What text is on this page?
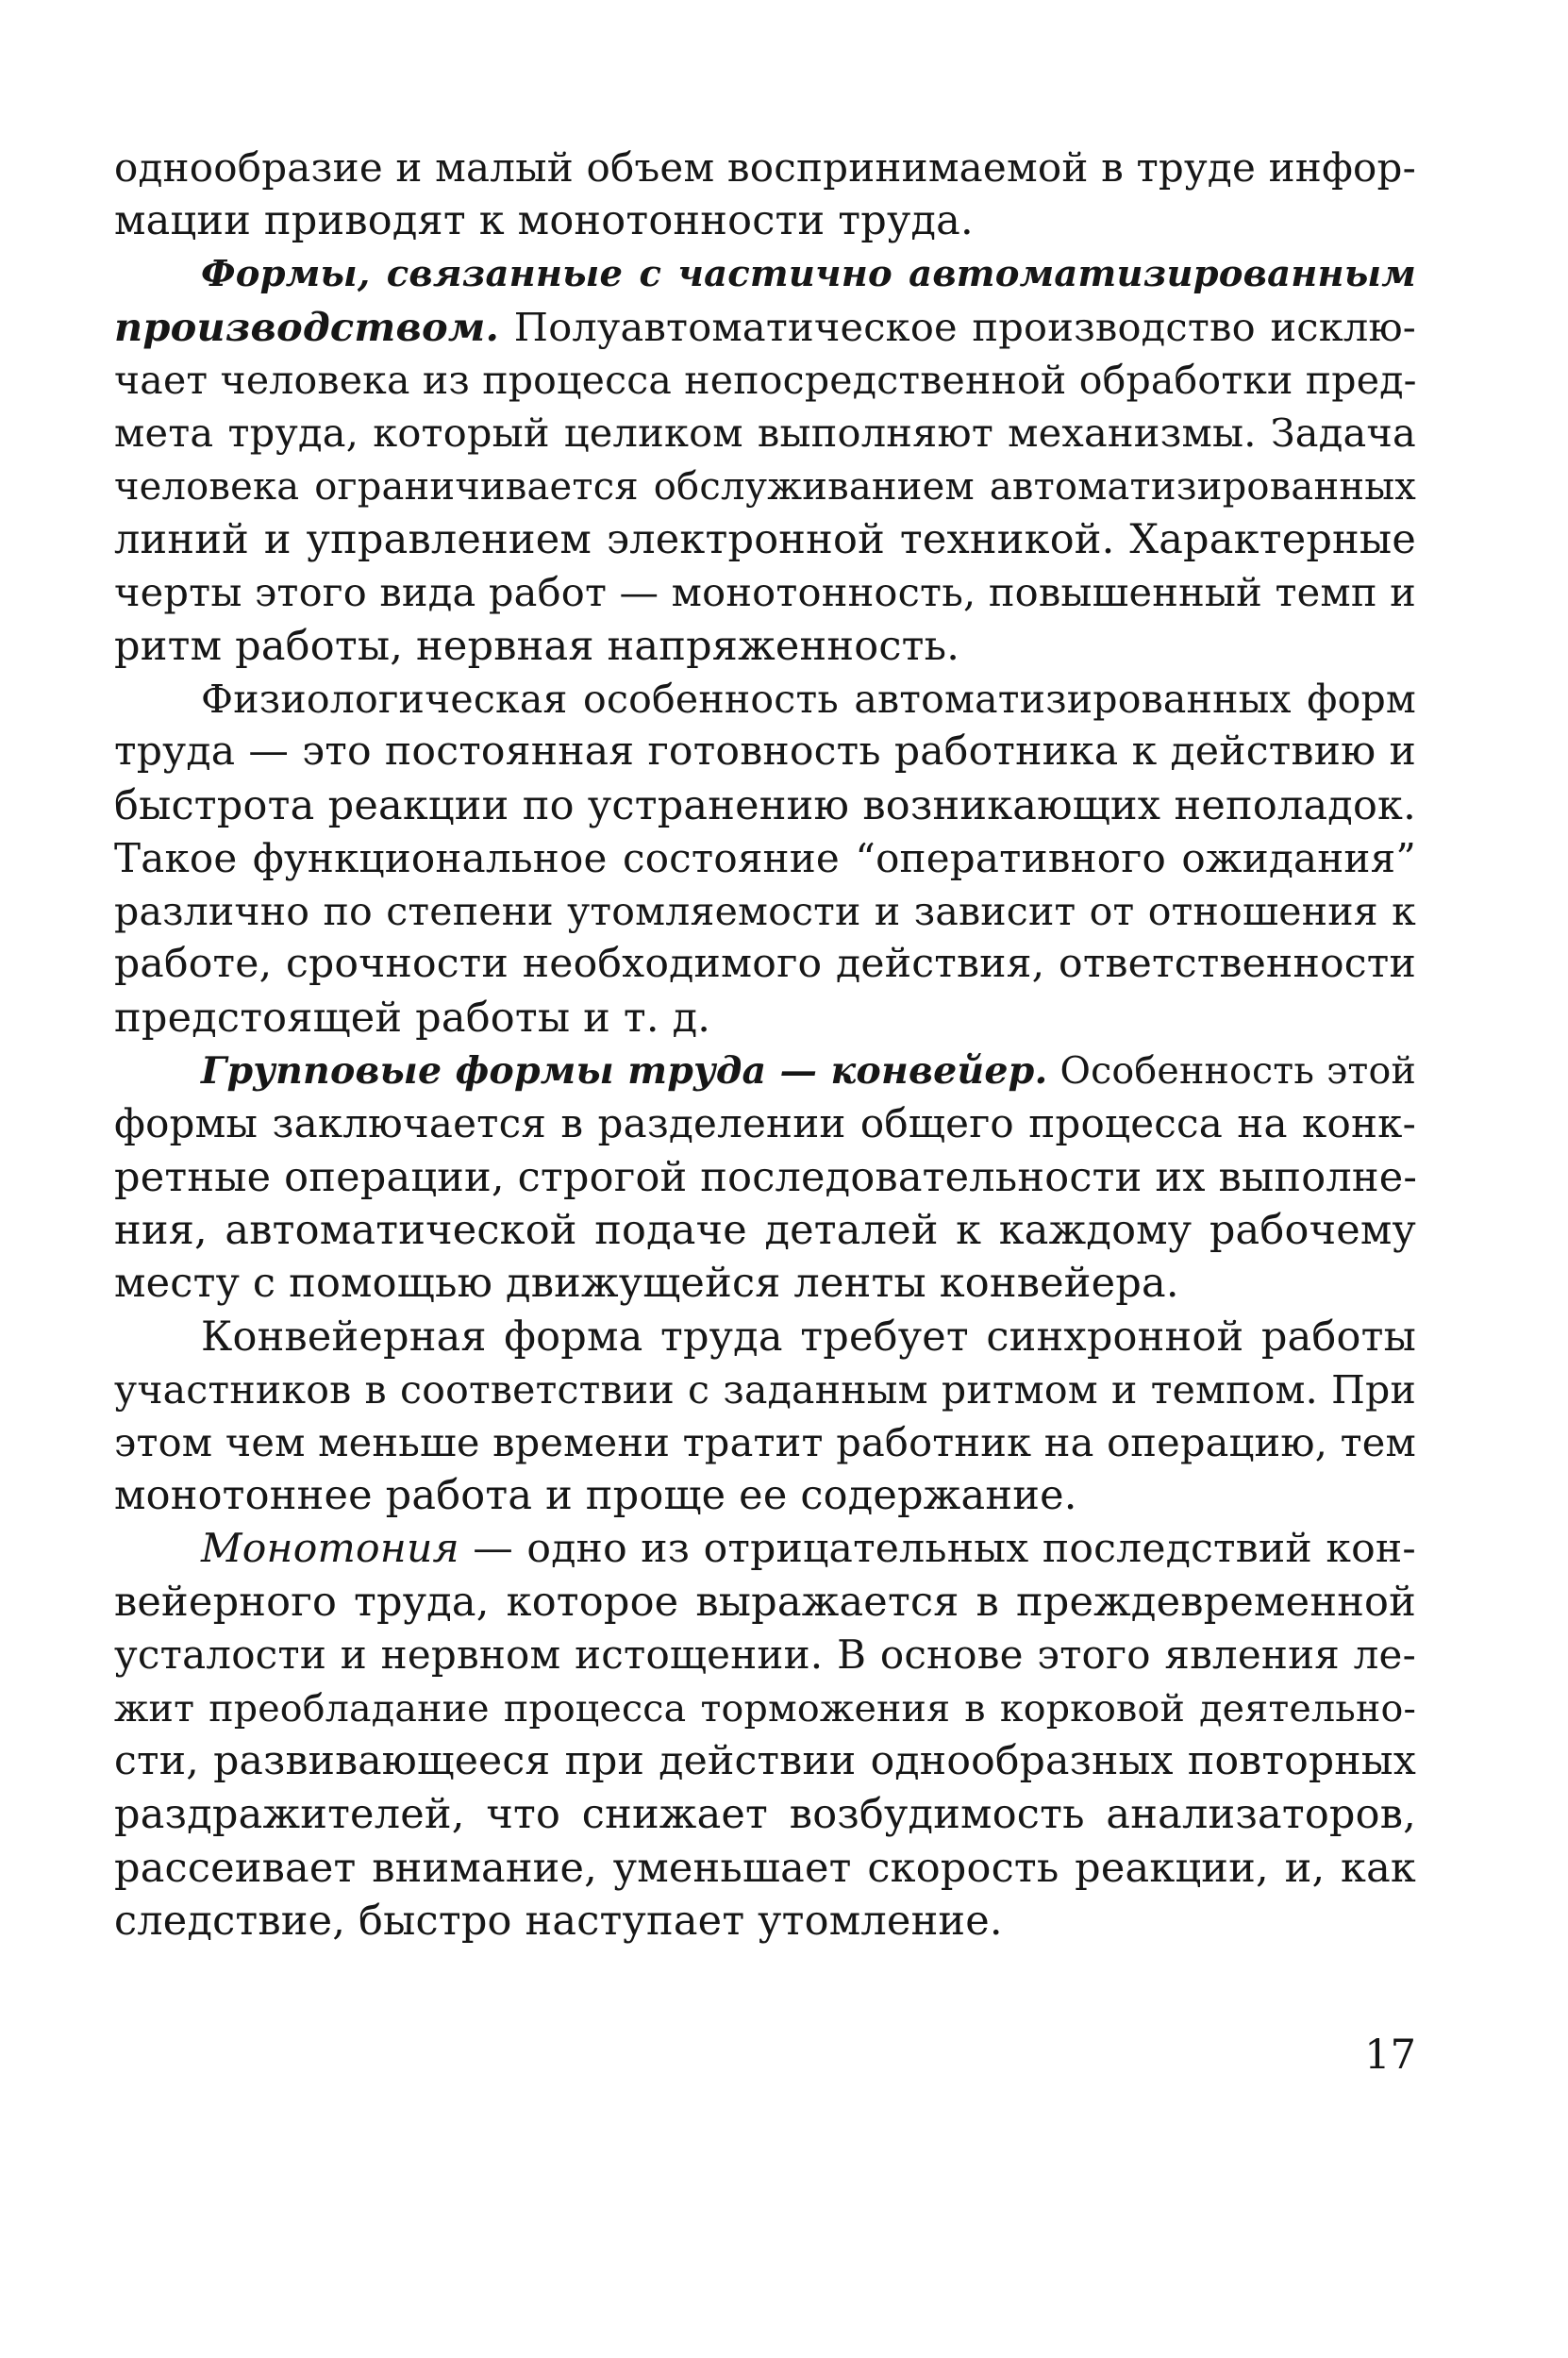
однообразие и малый объем воспринимаемой в труде инфор-
мации приводят к монотонности труда.
Формы, связанные с частично автоматизированным
производством. Полуавтоматическое производство исклю-
чает человека из процесса непосредственной обработки пред-
мета труда, который целиком выполняют механизмы. Задача
человека ограничивается обслуживанием автоматизированных
линий и управлением электронной техникой. Характерные
черты этого вида работ — монотонность, повышенный темп и
ритм работы, нервная напряженность.
Физиологическая особенность автоматизированных форм
труда — это постоянная готовность работника к действию и
быстрота реакции по устранению возникающих неполадок.
Такое функциональное состояние “оперативного ожидания”
различно по степени утомляемости и зависит от отношения к
работе, срочности необходимого действия, ответственности
предстоящей работы и т. д.
Групповые формы труда — конвейер. Особенность этой
формы заключается в разделении общего процесса на конк-
ретные операции, строгой последовательности их выполне-
ния, автоматической подаче деталей к каждому рабочему
месту с помощью движущейся ленты конвейера.
Конвейерная форма труда требует синхронной работы
участников в соответствии с заданным ритмом и темпом. При
этом чем меньше времени тратит работник на операцию, тем
монотоннее работа и проще ее содержание.
Монотония — одно из отрицательных последствий кон-
вейерного труда, которое выражается в преждевременной
усталости и нервном истощении. В основе этого явления ле-
жит преобладание процесса торможения в корковой деятельно-
сти, развивающееся при действии однообразных повторных
раздражителей, что снижает возбудимость анализаторов,
рассеивает внимание, уменьшает скорость реакции, и, как
следствие, быстро наступает утомление.
17
